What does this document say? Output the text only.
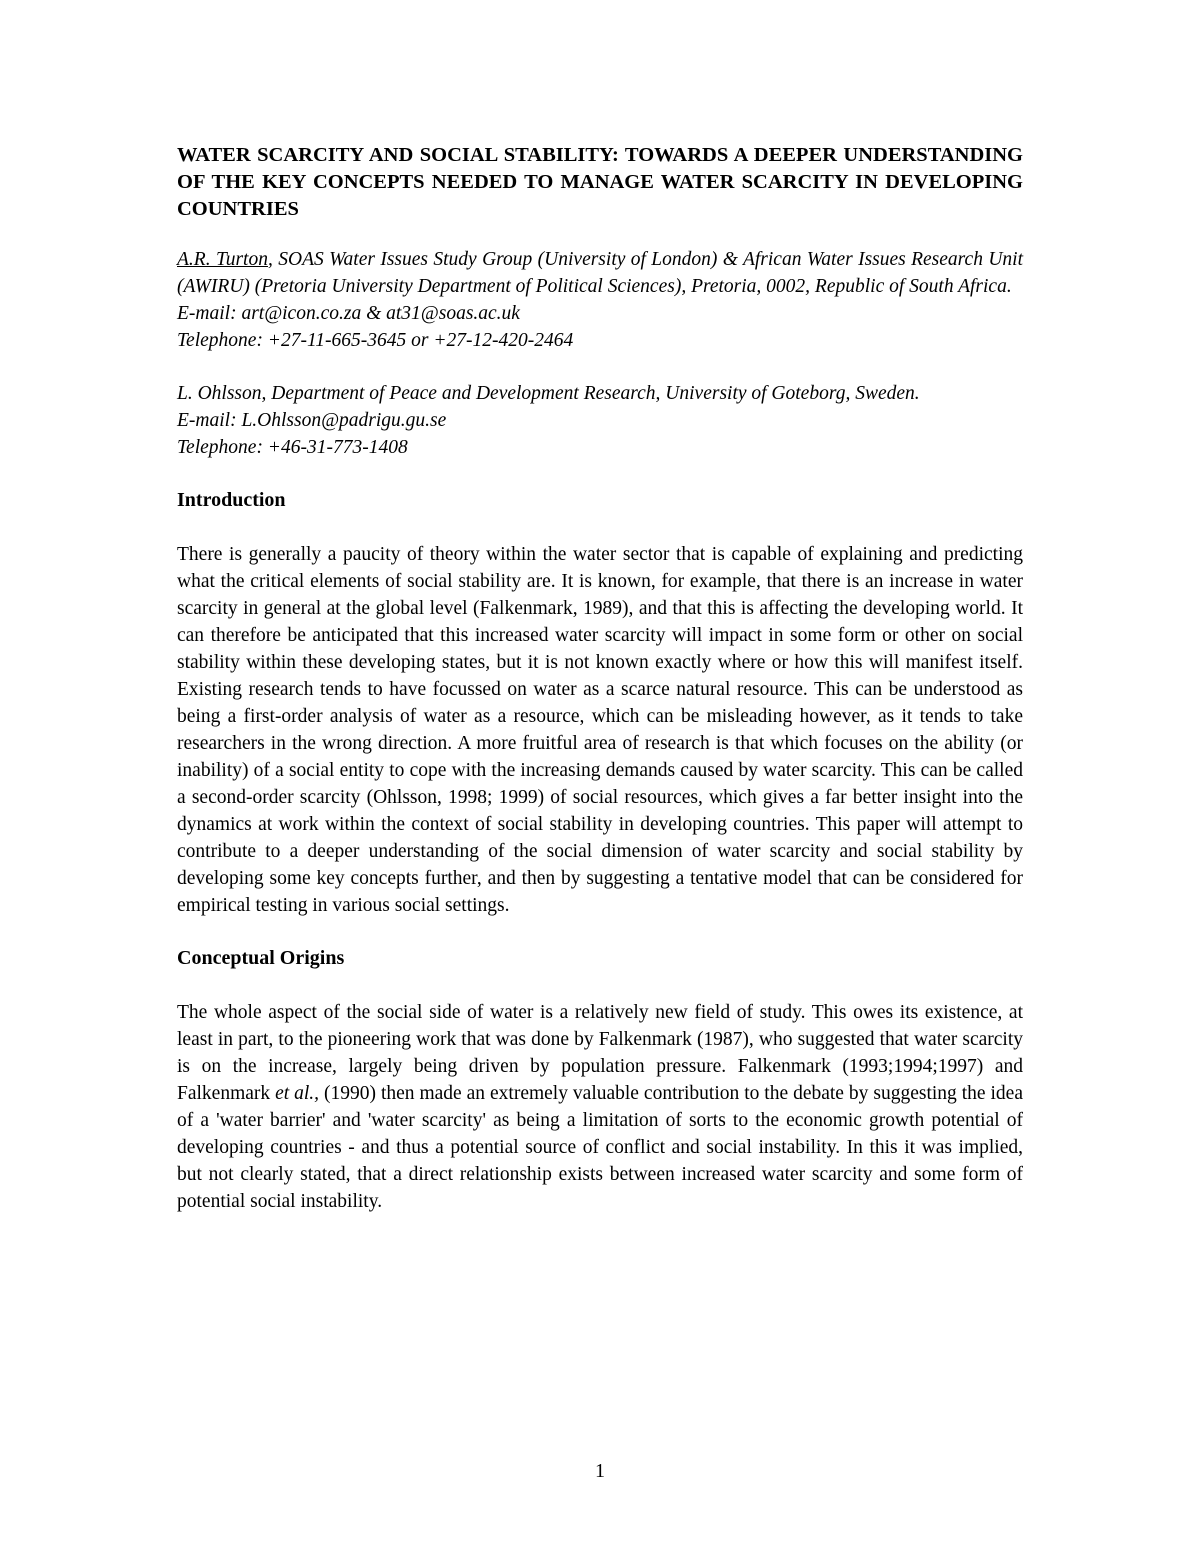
WATER SCARCITY AND SOCIAL STABILITY: TOWARDS A DEEPER UNDERSTANDING OF THE KEY CONCEPTS NEEDED TO MANAGE WATER SCARCITY IN DEVELOPING COUNTRIES
A.R. Turton, SOAS Water Issues Study Group (University of London) & African Water Issues Research Unit (AWIRU) (Pretoria University Department of Political Sciences), Pretoria, 0002, Republic of South Africa.
E-mail: art@icon.co.za & at31@soas.ac.uk
Telephone: +27-11-665-3645 or +27-12-420-2464
L. Ohlsson, Department of Peace and Development Research, University of Goteborg, Sweden.
E-mail: L.Ohlsson@padrigu.gu.se
Telephone: +46-31-773-1408
Introduction

There is generally a paucity of theory within the water sector that is capable of explaining and predicting what the critical elements of social stability are. It is known, for example, that there is an increase in water scarcity in general at the global level (Falkenmark, 1989), and that this is affecting the developing world. It can therefore be anticipated that this increased water scarcity will impact in some form or other on social stability within these developing states, but it is not known exactly where or how this will manifest itself. Existing research tends to have focussed on water as a scarce natural resource. This can be understood as being a first-order analysis of water as a resource, which can be misleading however, as it tends to take researchers in the wrong direction. A more fruitful area of research is that which focuses on the ability (or inability) of a social entity to cope with the increasing demands caused by water scarcity. This can be called a second-order scarcity (Ohlsson, 1998; 1999) of social resources, which gives a far better insight into the dynamics at work within the context of social stability in developing countries. This paper will attempt to contribute to a deeper understanding of the social dimension of water scarcity and social stability by developing some key concepts further, and then by suggesting a tentative model that can be considered for empirical testing in various social settings.

Conceptual Origins

The whole aspect of the social side of water is a relatively new field of study. This owes its existence, at least in part, to the pioneering work that was done by Falkenmark (1987), who suggested that water scarcity is on the increase, largely being driven by population pressure. Falkenmark (1993;1994;1997) and Falkenmark et al., (1990) then made an extremely valuable contribution to the debate by suggesting the idea of a 'water barrier' and 'water scarcity' as being a limitation of sorts to the economic growth potential of developing countries - and thus a potential source of conflict and social instability. In this it was implied, but not clearly stated, that a direct relationship exists between increased water scarcity and some form of potential social instability.

1
